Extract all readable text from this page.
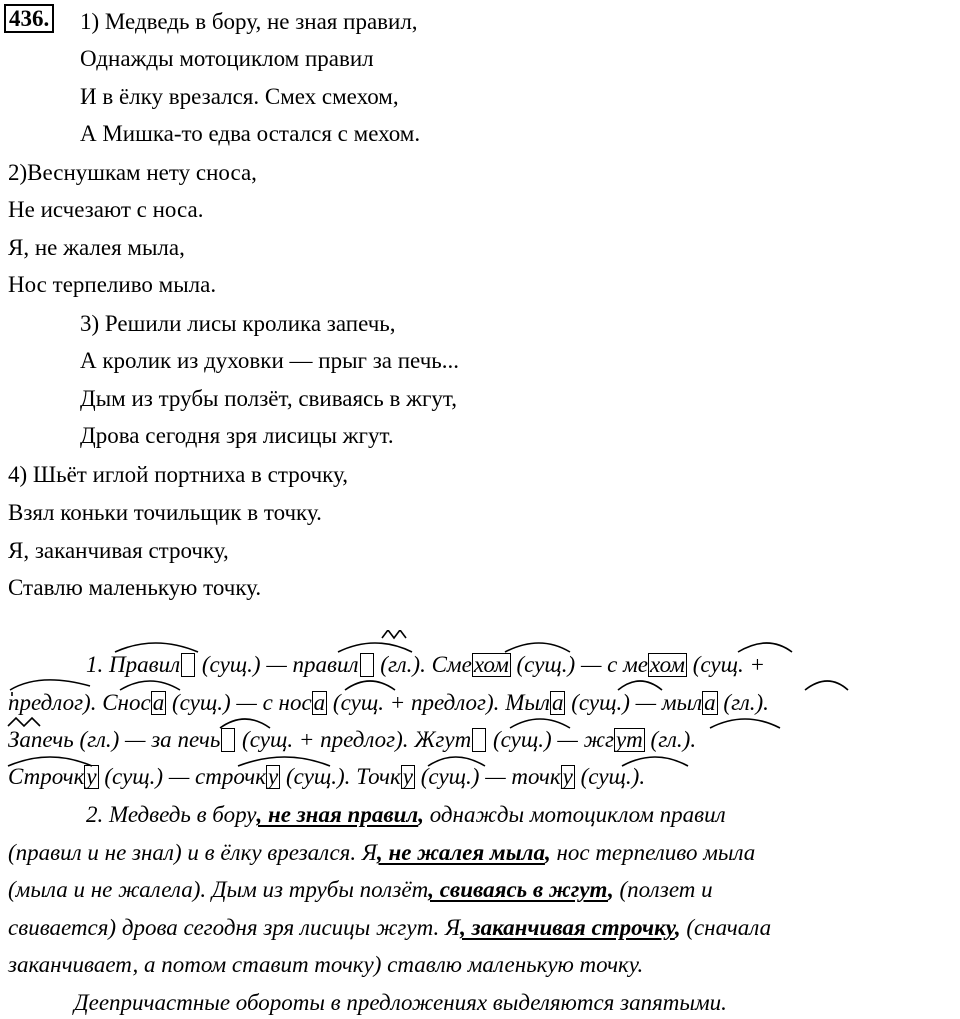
436. 1) Медведь в бору, не зная правил,
Однажды мотоциклом правил
И в ёлку врезался. Смех смехом,
А Мишка-то едва остался с мехом.
2)Веснушкам нету сноса,
Не исчезают с носа.
Я, не жалея мыла,
Нос терпеливо мыла.
3) Решили лисы кролика запечь,
А кролик из духовки — прыг за печь...
Дым из трубы ползёт, свиваясь в жгут,
Дрова сегодня зря лисицы жгут.
4) Шьёт иглой портниха в строчку,
Взял коньки точильщик в точку.
Я, заканчивая строчку,
Ставлю маленькую точку.
1. Правил (сущ.) — правил (гл.). Смехом (сущ.) — с мехом (сущ. +
предлог). Сноса (сущ.) — с носа (сущ. + предлог). Мыла (сущ.) — мыла (гл.).
Запечь (гл.) — за печь (сущ. + предлог). Жгут (сущ.) — жгут (гл.).
Строчку (сущ.) — строчку (сущ.). Точку (сущ.) — точку (сущ.).
2. Медведь в бору, не зная правил, однажды мотоциклом правил
(правил и не знал) и в ёлку врезался. Я, не жалея мыла, нос терпеливо мыла
(мыла и не жалела). Дым из трубы ползёт, свиваясь в жгут, (ползет и
свивается) дрова сегодня зря лисицы жгут. Я, заканчивая строчку, (сначала
заканчивает, а потом ставит точку) ставлю маленькую точку.
Деепричастные обороты в предложениях выделяются запятыми.
